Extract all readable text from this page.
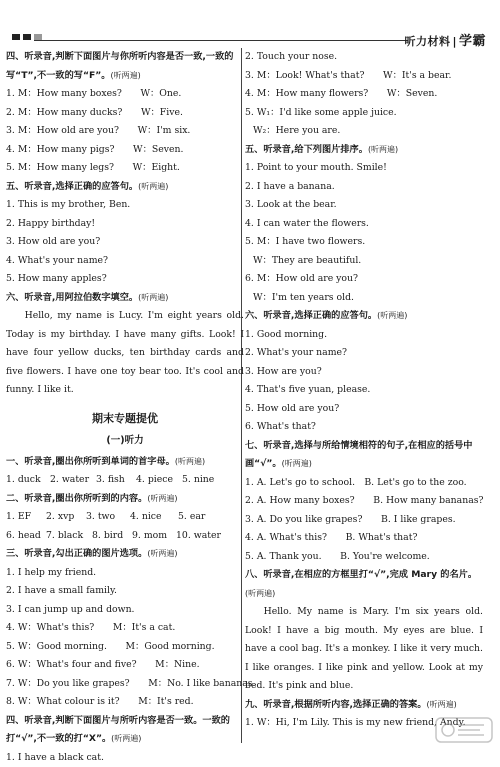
听力材料 | 学霸
四、听录音,判断下面图片与你所听内容是否一致,一致的写“T”,不一致的写“F”。(听两遍)
1. M：How many boxes?　　W：One.
2. M：How many ducks?　　W：Five.
3. M：How old are you?　　W：I'm six.
4. M：How many pigs?　　W：Seven.
5. M：How many legs?　　W：Eight.
五、听录音,选择正确的应答句。(听两遍)
1. This is my brother, Ben.
2. Happy birthday!
3. How old are you?
4. What's your name?
5. How many apples?
六、听录音,用阿拉伯数字填空。(听两遍)
Hello, my name is Lucy. I'm eight years old. Today is my birthday. I have many gifts. Look! I have four yellow ducks, ten birthday cards and five flowers. I have one toy bear too. It's cool and funny. I like it.
期末专题提优
(一)听力
一、听录音,圈出你所听到单词的首字母。(听两遍)
1. duck	2. water 3. fish	4. piece 5. nine
二、听录音,圈出你所听到的内容。(听两遍)
1. EF	2. xvp	3. two	4. nice	5. ear
6. head 7. black 8. bird 9. mom 10. water
三、听录音,勾出正确的图片选项。(听两遍)
1. I help my friend.
2. I have a small family.
3. I can jump up and down.
4. W：What's this?　　M：It's a cat.
5. W：Good morning.　　M：Good morning.
6. W：What's four and five?　　M：Nine.
7. W：Do you like grapes?　　M：No. I like bananas.
8. W：What colour is it?　　M：It's red.
四、听录音,判断下面图片与所听内容是否一致。一致的打“√”,不一致的打“X”。(听两遍)
1. I have a black cat.
2. Touch your nose.
3. M：Look! What's that?　　W：It's a bear.
4. M：How many flowers?　　W：Seven.
5. W₁：I'd like some apple juice.
W₂：Here you are.
五、听录音,给下列图片排序。(听两遍)
1. Point to your mouth. Smile!
2. I have a banana.
3. Look at the bear.
4. I can water the flowers.
5. M：I have two flowers.
W：They are beautiful.
6. M：How old are you?
W：I'm ten years old.
六、听录音,选择正确的应答句。(听两遍)
1. Good morning.
2. What's your name?
3. How are you?
4. That's five yuan, please.
5. How old are you?
6. What's that?
七、听录音,选择与所给情境相符的句子,在相应的括号中画“√”。(听两遍)
1. A. Let's go to school.　B. Let's go to the zoo.
2. A. How many boxes?　　B. How many bananas?
3. A. Do you like grapes?　　B. I like grapes.
4. A. What's this?　　B. What's that?
5. A. Thank you.　　B. You're welcome.
八、听录音,在相应的方框里打“√”,完成 Mary 的名片。(听两遍)
Hello. My name is Mary. I'm six years old. Look! I have a big mouth. My eyes are blue. I have a cool bag. It's a monkey. I like it very much. I like oranges. I like pink and yellow. Look at my bed. It's pink and blue.
九、听录音,根据所听内容,选择正确的答案。(听两遍)
1. W：Hi, I'm Lily. This is my new friend, Andy.
